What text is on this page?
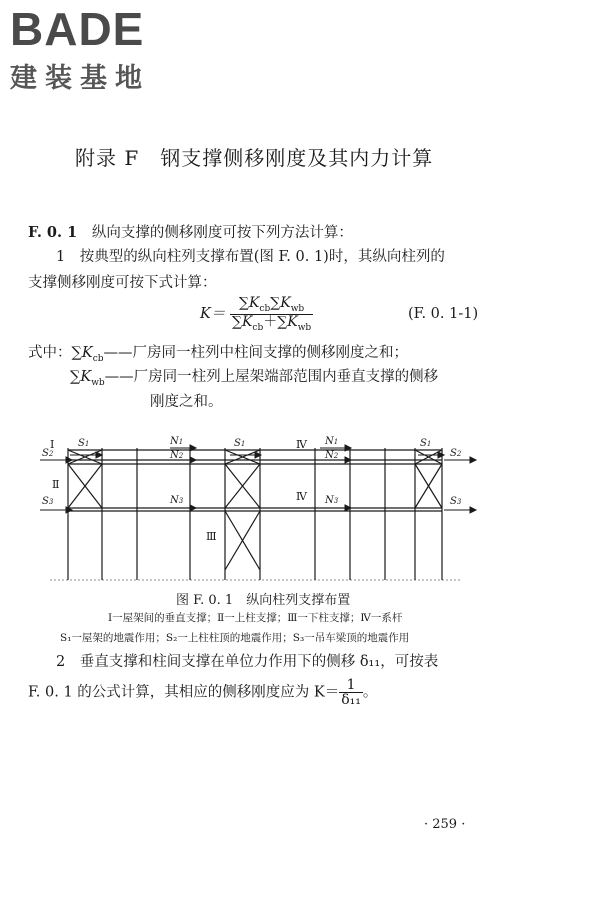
BADE
建装基地
附录 F　钢支撑侧移刚度及其内力计算
F. 0. 1 纵向支撑的侧移刚度可按下列方法计算：
1　按典型的纵向柱列支撑布置(图 F. 0. 1)时，其纵向柱列的
支撑侧移刚度可按下式计算：
$K= \frac{\sum K_{cb}\sum K_{wb}}{\sum K_{cb}+\sum K_{wb}}$	(F. 0. 1-1)
式中：$\sum K_{cb}——$厂房同一柱列中柱间支撑的侧移刚度之和；
$\sum K_{wb}——$厂房同一柱列上屋架端部范围内垂直支撑的侧移
刚度之和。
I
Ⅱ
Ⅲ
Ⅳ
Ⅳ
S1
S2
S3
N1
N2
N3
S1	N1
N2
N3
S1
S2
S3
图 F. 0. 1　纵向柱列支撑布置
Ⅰ一屋架间的垂直支撑；Ⅱ一上柱支撑；Ⅲ一下柱支撑；Ⅳ一系杆
S₁一屋架的地震作用；S₂一上柱柱顶的地震作用；S₃一吊车梁顶的地震作用
2　垂直支撑和柱间支撑在单位力作用下的侧移 δ₁₁，可按表
F. 0. 1 的公式计算，其相应的侧移刚度应为 $K= \frac{1}{\text{δ₁₁}}$ 。
· 259 ·
